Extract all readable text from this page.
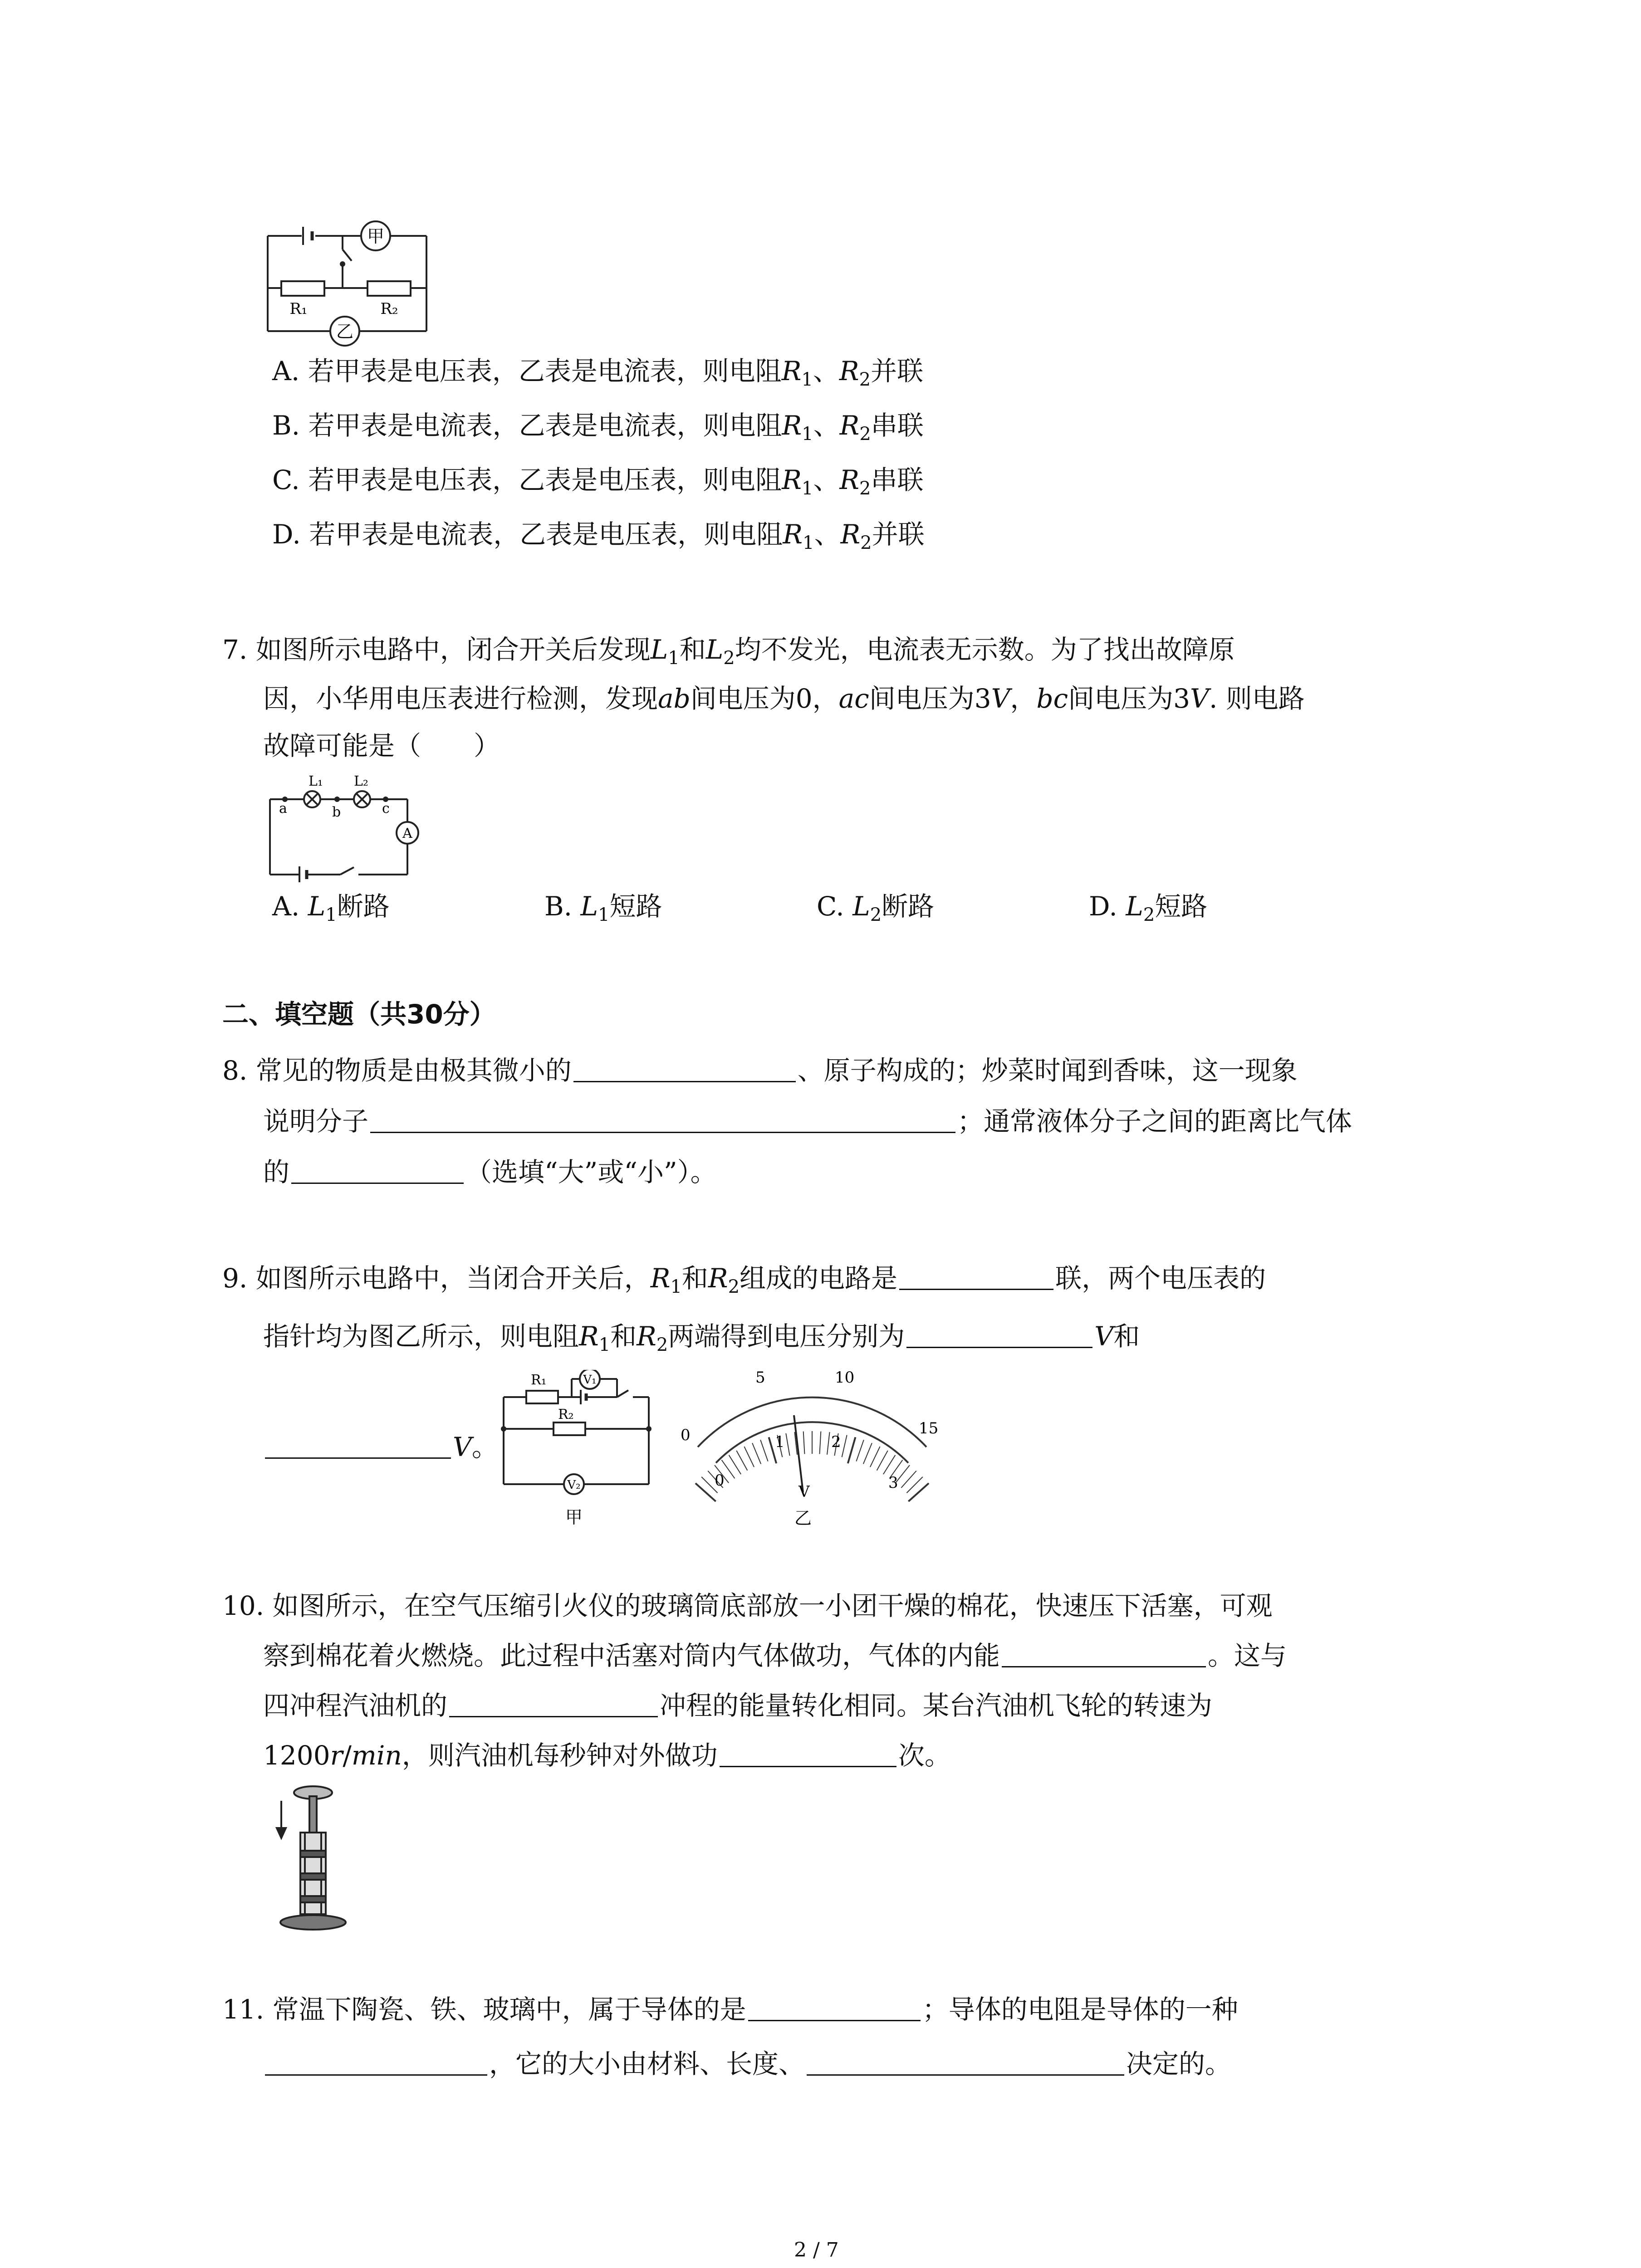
甲
乙
R₁	R₂
A. 若甲表是电压表，乙表是电流表，则电阻$R_1$、$R_2$并联
B. 若甲表是电流表，乙表是电流表，则电阻$R_1$、$R_2$串联
C. 若甲表是电压表，乙表是电压表，则电阻$R_1$、$R_2$串联
D. 若甲表是电流表，乙表是电压表，则电阻$R_1$、$R_2$并联
7. 如图所示电路中，闭合开关后发现$L_1$和$L_2$均不发光，电流表无示数。为了找出故障原
因，小华用电压表进行检测，发现ab间电压为0，ac间电压为3V，bc间电压为3V. 则电路
故障可能是（　　）
L₁ L₂
a	b	c
A
A. $L_1$断路	B. $L_1$短路	C. $L_2$断路	D. $L_2$短路
二、填空题（共30分）
8. 常见的物质是由极其微小的	、原子构成的；炒菜时闻到香味，这一现象
说明分子	；通常液体分子之间的距离比气体
的	（选填“大”或“小”）。
9. 如图所示电路中，当闭合开关后，$R_1$和$R_2$组成的电路是	联，两个电压表的
指针均为图乙所示，则电阻$R_1$和$R_2$两端得到电压分别为	V和
V。
R₁
R₂
V₁
V₂
甲
0
5	10
15
0
1	2
3
V
乙
10. 如图所示，在空气压缩引火仪的玻璃筒底部放一小团干燥的棉花，快速压下活塞，可观
察到棉花着火燃烧。此过程中活塞对筒内气体做功，气体的内能	。这与
四冲程汽油机的	冲程的能量转化相同。某台汽油机飞轮的转速为
1200r/min，则汽油机每秒钟对外做功	次。
11. 常温下陶瓷、铁、玻璃中，属于导体的是	；导体的电阻是导体的一种
，它的大小由材料、长度、	决定的。
2 / 7
